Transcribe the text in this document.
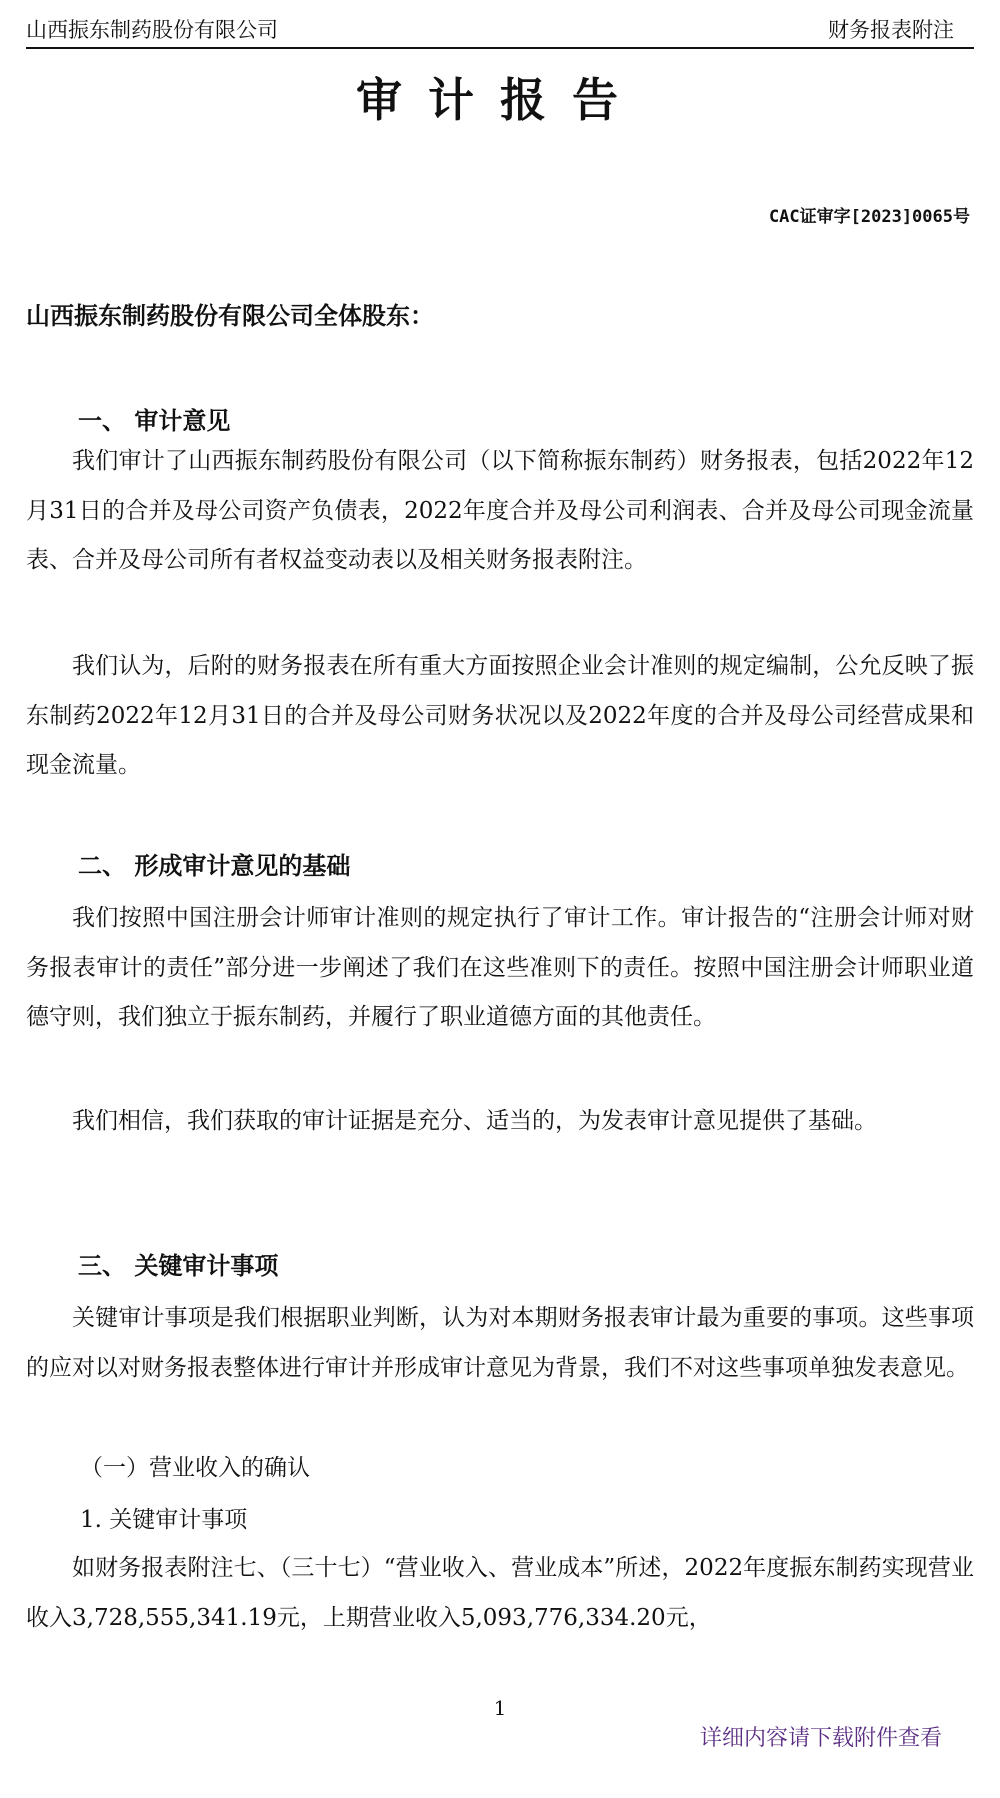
山西振东制药股份有限公司	财务报表附注
审计报告
CAC证审字[2023]0065号
山西振东制药股份有限公司全体股东：
一、 审计意见
我们审计了山西振东制药股份有限公司（以下简称振东制药）财务报表，包括2022年12月31日的合并及母公司资产负债表，2022年度合并及母公司利润表、合并及母公司现金流量表、合并及母公司所有者权益变动表以及相关财务报表附注。
我们认为，后附的财务报表在所有重大方面按照企业会计准则的规定编制，公允反映了振东制药2022年12月31日的合并及母公司财务状况以及2022年度的合并及母公司经营成果和现金流量。
二、 形成审计意见的基础
我们按照中国注册会计师审计准则的规定执行了审计工作。审计报告的“注册会计师对财务报表审计的责任”部分进一步阐述了我们在这些准则下的责任。按照中国注册会计师职业道德守则，我们独立于振东制药，并履行了职业道德方面的其他责任。
我们相信，我们获取的审计证据是充分、适当的，为发表审计意见提供了基础。
三、 关键审计事项
关键审计事项是我们根据职业判断，认为对本期财务报表审计最为重要的事项。这些事项的应对以对财务报表整体进行审计并形成审计意见为背景，我们不对这些事项单独发表意见。
（一）营业收入的确认
1. 关键审计事项
如财务报表附注七、（三十七）“营业收入、营业成本”所述，2022年度振东制药实现营业收入3,728,555,341.19元，上期营业收入5,093,776,334.20元，
1
详细内容请下载附件查看
